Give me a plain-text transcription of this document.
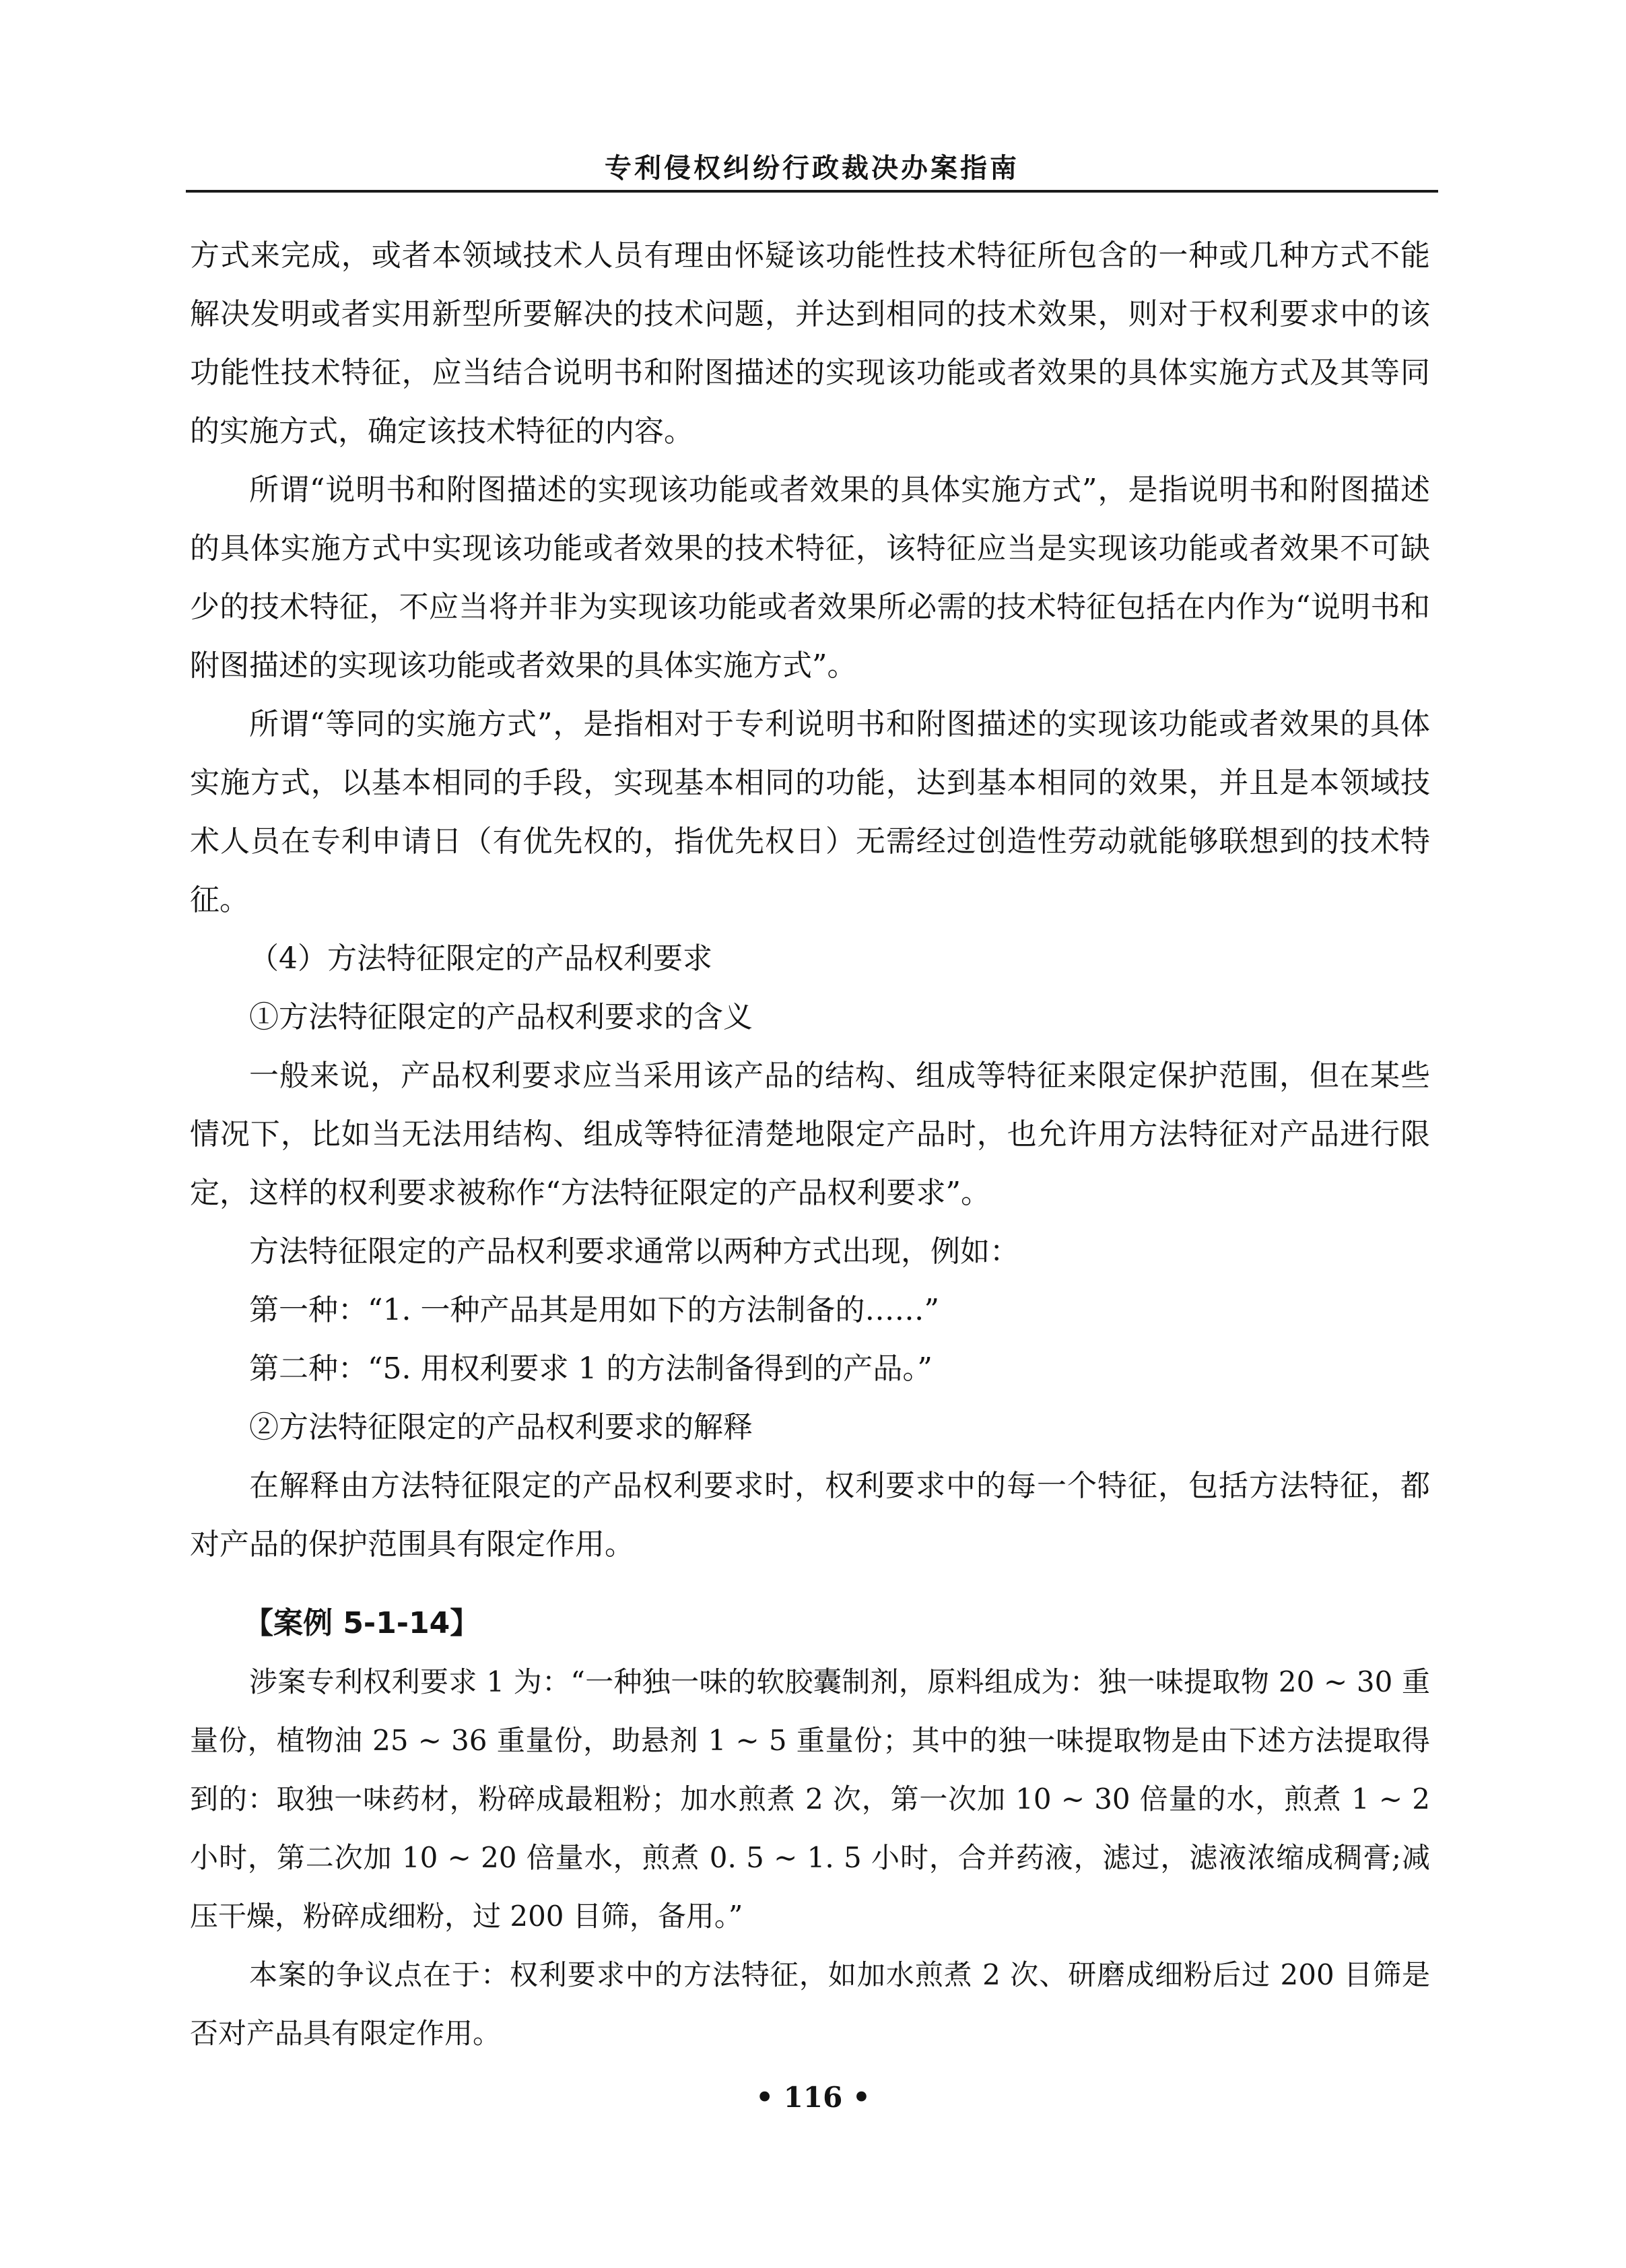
专利侵权纠纷行政裁决办案指南

方式来完成，或者本领域技术人员有理由怀疑该功能性技术特征所包含的一种或几种方式不能解决发明或者实用新型所要解决的技术问题，并达到相同的技术效果，则对于权利要求中的该功能性技术特征，应当结合说明书和附图描述的实现该功能或者效果的具体实施方式及其等同的实施方式，确定该技术特征的内容。

所谓“说明书和附图描述的实现该功能或者效果的具体实施方式”，是指说明书和附图描述的具体实施方式中实现该功能或者效果的技术特征，该特征应当是实现该功能或者效果不可缺少的技术特征，不应当将并非为实现该功能或者效果所必需的技术特征包括在内作为“说明书和附图描述的实现该功能或者效果的具体实施方式”。

所谓“等同的实施方式”，是指相对于专利说明书和附图描述的实现该功能或者效果的具体实施方式，以基本相同的手段，实现基本相同的功能，达到基本相同的效果，并且是本领域技术人员在专利申请日（有优先权的，指优先权日）无需经过创造性劳动就能够联想到的技术特征。

（4）方法特征限定的产品权利要求

①方法特征限定的产品权利要求的含义

一般来说，产品权利要求应当采用该产品的结构、组成等特征来限定保护范围，但在某些情况下，比如当无法用结构、组成等特征清楚地限定产品时，也允许用方法特征对产品进行限定，这样的权利要求被称作“方法特征限定的产品权利要求”。

方法特征限定的产品权利要求通常以两种方式出现，例如：

第一种：“1. 一种产品其是用如下的方法制备的……”

第二种：“5. 用权利要求 1 的方法制备得到的产品。”

②方法特征限定的产品权利要求的解释

在解释由方法特征限定的产品权利要求时，权利要求中的每一个特征，包括方法特征，都对产品的保护范围具有限定作用。

【案例 5-1-14】

涉案专利权利要求 1 为：“一种独一味的软胶囊制剂，原料组成为：独一味提取物 20 ~ 30 重量份，植物油 25 ~ 36 重量份，助悬剂 1 ~ 5 重量份；其中的独一味提取物是由下述方法提取得到的：取独一味药材，粉碎成最粗粉；加水煎煮 2 次，第一次加 10 ~ 30 倍量的水，煎煮 1 ~ 2 小时，第二次加 10 ~ 20 倍量水，煎煮 0. 5 ~ 1. 5 小时，合并药液，滤过，滤液浓缩成稠膏;减压干燥，粉碎成细粉，过 200 目筛，备用。”

本案的争议点在于：权利要求中的方法特征，如加水煎煮 2 次、研磨成细粉后过 200 目筛是否对产品具有限定作用。

• 116 •
